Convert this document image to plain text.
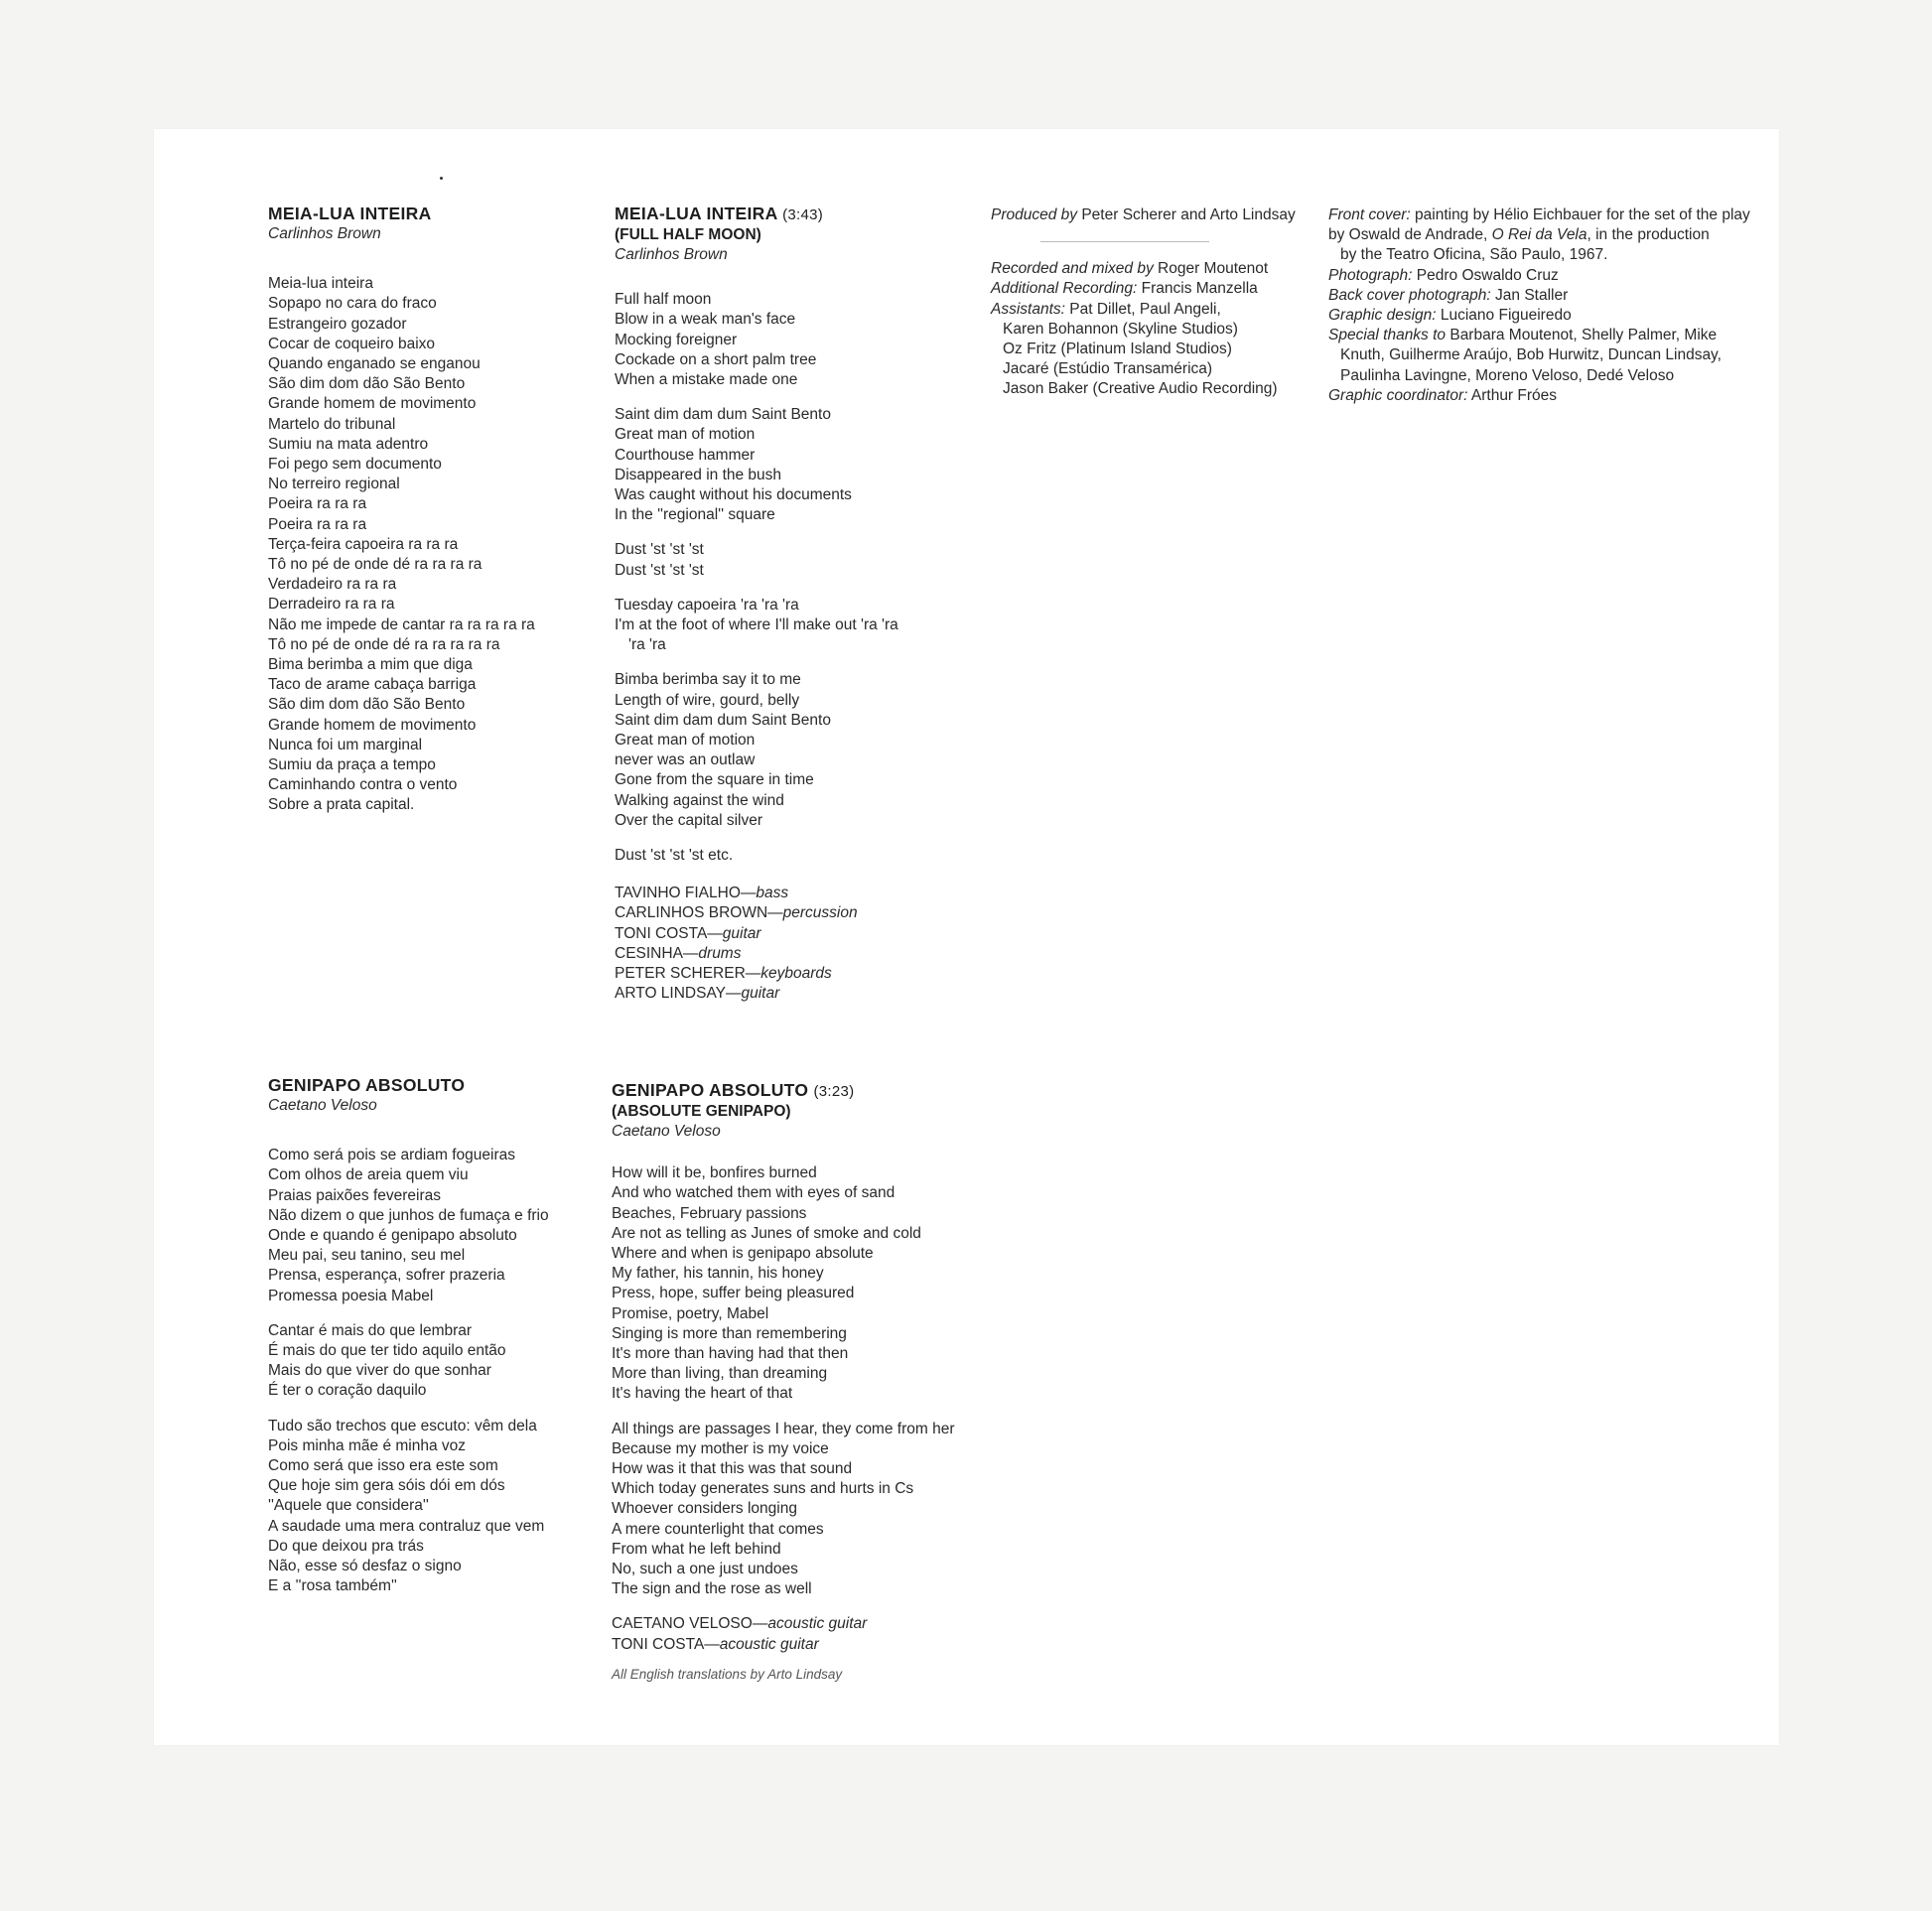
MEIA-LUA INTEIRA
Carlinhos Brown
Meia-lua inteira
Sopapo no cara do fraco
Estrangeiro gozador
Cocar de coqueiro baixo
Quando enganado se enganou
São dim dom dão São Bento
Grande homem de movimento
Martelo do tribunal
Sumiu na mata adentro
Foi pego sem documento
No terreiro regional
Poeira ra ra ra
Poeira ra ra ra
Terça-feira capoeira ra ra ra
Tô no pé de onde dé ra ra ra ra
Verdadeiro ra ra ra
Derradeiro ra ra ra
Não me impede de cantar ra ra ra ra ra
Tô no pé de onde dé ra ra ra ra ra
Bima berimba a mim que diga
Taco de arame cabaça barriga
São dim dom dão São Bento
Grande homem de movimento
Nunca foi um marginal
Sumiu da praça a tempo
Caminhando contra o vento
Sobre a prata capital.
MEIA-LUA INTEIRA (3:43)
(FULL HALF MOON)
Carlinhos Brown
Full half moon
Blow in a weak man's face
Mocking foreigner
Cockade on a short palm tree
When a mistake made one
Saint dim dam dum Saint Bento
Great man of motion
Courthouse hammer
Disappeared in the bush
Was caught without his documents
In the ''regional'' square
Dust 'st 'st 'st
Dust 'st 'st 'st
Tuesday capoeira 'ra 'ra 'ra
I'm at the foot of where I'll make out 'ra 'ra
'ra 'ra
Bimba berimba say it to me
Length of wire, gourd, belly
Saint dim dam dum Saint Bento
Great man of motion
never was an outlaw
Gone from the square in time
Walking against the wind
Over the capital silver
Dust 'st 'st 'st etc.
TAVINHO FIALHO—bass
CARLINHOS BROWN—percussion
TONI COSTA—guitar
CESINHA—drums
PETER SCHERER—keyboards
ARTO LINDSAY—guitar
Produced by Peter Scherer and Arto Lindsay
Recorded and mixed by Roger Moutenot
Additional Recording: Francis Manzella
Assistants: Pat Dillet, Paul Angeli,
Karen Bohannon (Skyline Studios)
Oz Fritz (Platinum Island Studios)
Jacaré (Estúdio Transamérica)
Jason Baker (Creative Audio Recording)
Front cover: painting by Hélio Eichbauer for the set of the play
by Oswald de Andrade, O Rei da Vela, in the production
by the Teatro Oficina, São Paulo, 1967.
Photograph: Pedro Oswaldo Cruz
Back cover photograph: Jan Staller
Graphic design: Luciano Figueiredo
Special thanks to Barbara Moutenot, Shelly Palmer, Mike
Knuth, Guilherme Araújo, Bob Hurwitz, Duncan Lindsay,
Paulinha Lavingne, Moreno Veloso, Dedé Veloso
Graphic coordinator: Arthur Fróes
GENIPAPO ABSOLUTO
Caetano Veloso
Como será pois se ardiam fogueiras
Com olhos de areia quem viu
Praias paixões fevereiras
Não dizem o que junhos de fumaça e frio
Onde e quando é genipapo absoluto
Meu pai, seu tanino, seu mel
Prensa, esperança, sofrer prazeria
Promessa poesia Mabel
Cantar é mais do que lembrar
É mais do que ter tido aquilo então
Mais do que viver do que sonhar
É ter o coração daquilo
Tudo são trechos que escuto: vêm dela
Pois minha mãe é minha voz
Como será que isso era este som
Que hoje sim gera sóis dói em dós
''Aquele que considera''
A saudade uma mera contraluz que vem
Do que deixou pra trás
Não, esse só desfaz o signo
E a ''rosa também''
GENIPAPO ABSOLUTO (3:23)
(ABSOLUTE GENIPAPO)
Caetano Veloso
How will it be, bonfires burned
And who watched them with eyes of sand
Beaches, February passions
Are not as telling as Junes of smoke and cold
Where and when is genipapo absolute
My father, his tannin, his honey
Press, hope, suffer being pleasured
Promise, poetry, Mabel
Singing is more than remembering
It's more than having had that then
More than living, than dreaming
It's having the heart of that
All things are passages I hear, they come from her
Because my mother is my voice
How was it that this was that sound
Which today generates suns and hurts in Cs
Whoever considers longing
A mere counterlight that comes
From what he left behind
No, such a one just undoes
The sign and the rose as well
CAETANO VELOSO—acoustic guitar
TONI COSTA—acoustic guitar
All English translations by Arto Lindsay
